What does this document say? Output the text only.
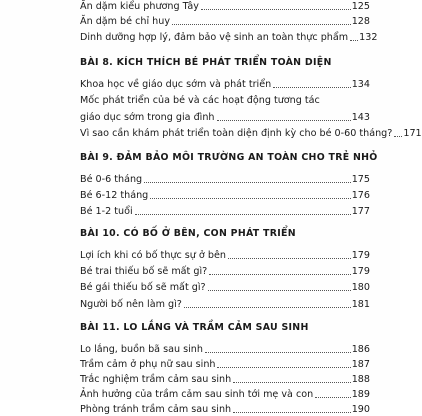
Ăn dặm kiểu phương Tây	125
Ăn dặm bé chỉ huy	128
Dinh dưỡng hợp lý, đảm bảo vệ sinh an toàn thực phẩm 132
BÀI 8. KÍCH THÍCH BÉ PHÁT TRIỂN TOÀN DIỆN
Khoa học về giáo dục sớm và phát triển	134
Mốc phát triển của bé và các hoạt động tương tác
giáo dục sớm trong gia đình	143
Vì sao cần khám phát triển toàn diện định kỳ cho bé 0-60 tháng? 171
BÀI 9. ĐẢM BẢO MÔI TRƯỜNG AN TOÀN CHO TRẺ NHỎ
Bé 0-6 tháng	175
Bé 6-12 tháng	176
Bé 1-2 tuổi	177
BÀI 10. CÓ BỐ Ở BÊN, CON PHÁT TRIỂN
Lợi ích khi có bố thực sự ở bên	179
Bé trai thiếu bố sẽ mất gì?	179
Bé gái thiếu bố sẽ mất gì?	180
Người bố nên làm gì?	181
BÀI 11. LO LẮNG VÀ TRẦM CẢM SAU SINH
Lo lắng, buồn bã sau sinh	186
Trầm cảm ở phụ nữ sau sinh	187
Trắc nghiệm trầm cảm sau sinh	188
Ảnh hưởng của trầm cảm sau sinh tới mẹ và con	189
Phòng tránh trầm cảm sau sinh	190
